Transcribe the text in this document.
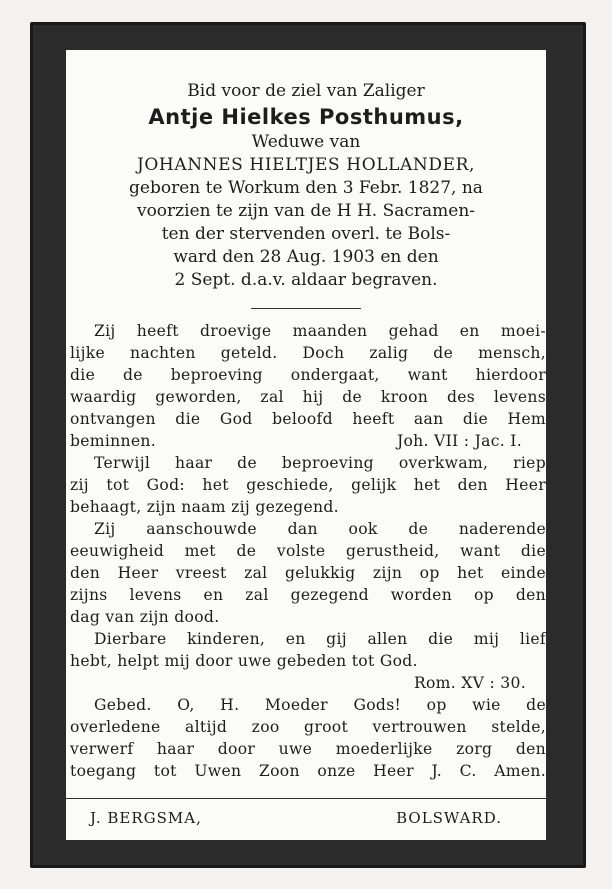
Bid voor de ziel van Zaliger
Antje Hielkes Posthumus,
Weduwe van
JOHANNES HIELTJES HOLLANDER,
geboren te Workum den 3 Febr. 1827, na
voorzien te zijn van de H H. Sacramen-
ten der stervenden overl. te Bols-
ward den 28 Aug. 1903 en den
2 Sept. d.a.v. aldaar begraven.
Zij heeft droevige maanden gehad en moei-
lijke nachten geteld. Doch zalig de mensch,
die de beproeving ondergaat, want hierdoor
waardig geworden, zal hij de kroon des levens
ontvangen die God beloofd heeft aan die Hem
beminnen.	Joh. VII : Jac. I.
Terwijl haar de beproeving overkwam, riep
zij tot God: het geschiede, gelijk het den Heer
behaagt, zijn naam zij gezegend.
Zij aanschouwde dan ook de naderende
eeuwigheid met de volste gerustheid, want die
den Heer vreest zal gelukkig zijn op het einde
zijns levens en zal gezegend worden op den
dag van zijn dood.
Dierbare kinderen, en gij allen die mij lief
hebt, helpt mij door uwe gebeden tot God.
Rom. XV : 30.
Gebed. O, H. Moeder Gods! op wie de
overledene altijd zoo groot vertrouwen stelde,
verwerf haar door uwe moederlijke zorg den
toegang tot Uwen Zoon onze Heer J. C. Amen.
J. BERGSMA,	BOLSWARD.
